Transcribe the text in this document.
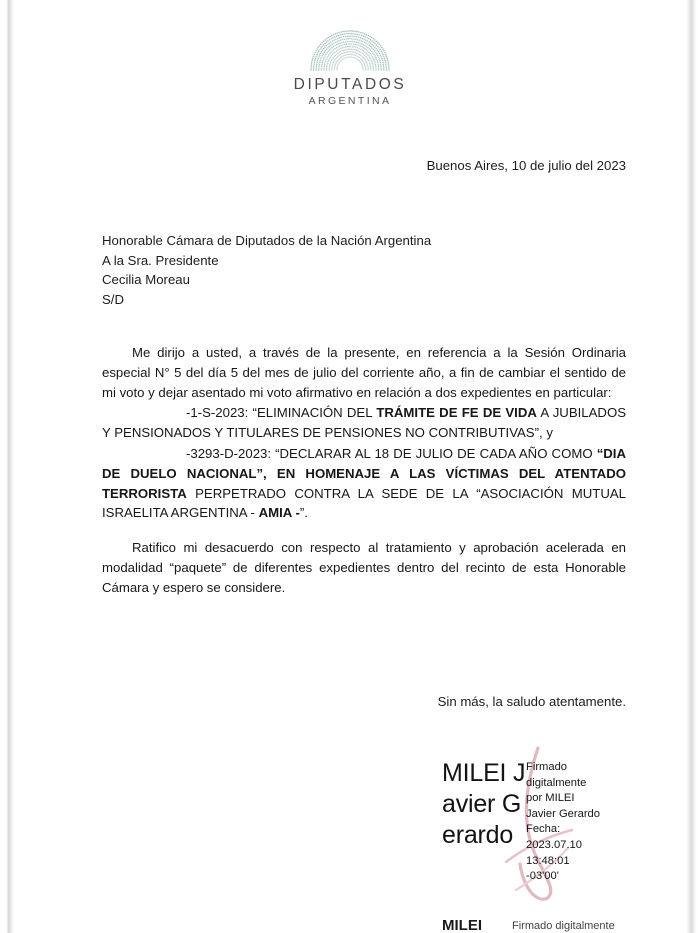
DIPUTADOS
ARGENTINA
Buenos Aires, 10 de julio del 2023
Honorable Cámara de Diputados de la Nación Argentina
A la Sra. Presidente
Cecilia Moreau
S/D

Me dirijo a usted, a través de la presente, en referencia a la Sesión Ordinaria especial N° 5 del día 5 del mes de julio del corriente año, a fin de cambiar el sentido de mi voto y dejar asentado mi voto afirmativo en relación a dos expedientes en particular:

-1-S-2023: “ELIMINACIÓN DEL TRÁMITE DE FE DE VIDA A JUBILADOS Y PENSIONADOS Y TITULARES DE PENSIONES NO CONTRIBUTIVAS”, y

-3293-D-2023: “DECLARAR AL 18 DE JULIO DE CADA AÑO COMO “DIA DE DUELO NACIONAL”, EN HOMENAJE A LAS VÍCTIMAS DEL ATENTADO TERRORISTA PERPETRADO CONTRA LA SEDE DE LA “ASOCIACIÓN MUTUAL ISRAELITA ARGENTINA - AMIA -”.

Ratifico mi desacuerdo con respecto al tratamiento y aprobación acelerada en modalidad “paquete” de diferentes expedientes dentro del recinto de esta Honorable Cámara y espero se considere.

Sin más, la saludo atentamente.
MILEI Javier Gerardo
Firmado
digitalmente
por MILEI
Javier Gerardo
Fecha:
2023.07.10
13:48:01
-03'00'
MILEI	Firmado digitalmente
